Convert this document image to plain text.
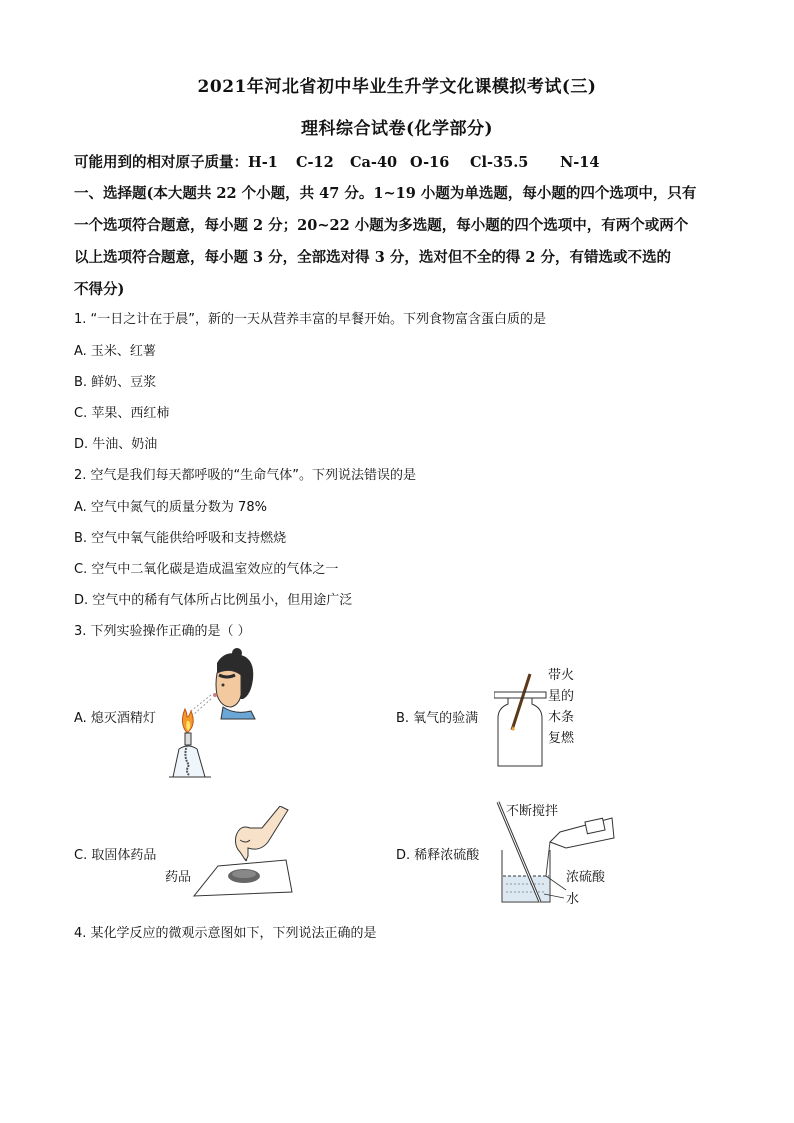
2021年河北省初中毕业生升学文化课模拟考试(三)
理科综合试卷(化学部分)
可能用到的相对原子质量：H-1 C-12 Ca-40 O-16 Cl-35.5 N-14
一、选择题(本大题共 22 个小题，共 47 分。1~19 小题为单选题，每小题的四个选项中，只有
一个选项符合题意，每小题 2 分；20~22 小题为多选题，每小题的四个选项中，有两个或两个
以上选项符合题意，每小题 3 分，全部选对得 3 分，选对但不全的得 2 分，有错选或不选的
不得分)
1. “一日之计在于晨”，新的一天从营养丰富的早餐开始。下列食物富含蛋白质的是
A. 玉米、红薯
B. 鲜奶、豆浆
C. 苹果、西红柿
D. 牛油、奶油
2. 空气是我们每天都呼吸的“生命气体”。下列说法错误的是
A. 空气中氮气的质量分数为 78%
B. 空气中氧气能供给呼吸和支持燃烧
C. 空气中二氧化碳是造成温室效应的气体之一
D. 空气中的稀有气体所占比例虽小，但用途广泛
3. 下列实验操作正确的是（ ）
A. 熄灭酒精灯	B. 氧气的验满
C. 取固体药品	D. 稀释浓硫酸
带火
星的
木条
复燃
药品
不断搅拌
浓硫酸
水
4. 某化学反应的微观示意图如下，下列说法正确的是
